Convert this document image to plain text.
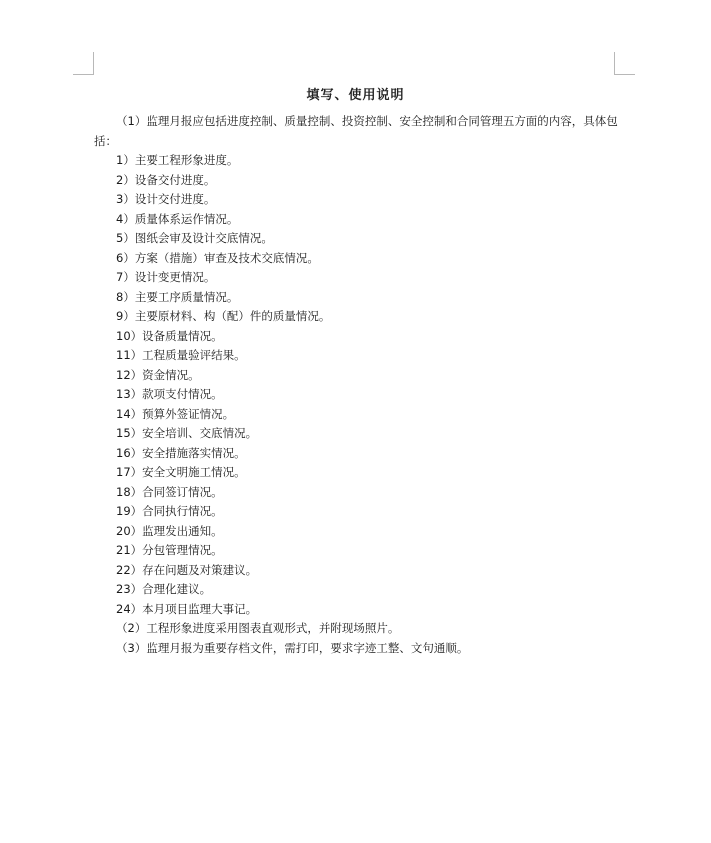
填写、使用说明

（1）监理月报应包括进度控制、质量控制、投资控制、安全控制和合同管理五方面的内容，具体包括：

1）主要工程形象进度。

2）设备交付进度。

3）设计交付进度。

4）质量体系运作情况。

5）图纸会审及设计交底情况。

6）方案（措施）审查及技术交底情况。

7）设计变更情况。

8）主要工序质量情况。

9）主要原材料、构（配）件的质量情况。

10）设备质量情况。

11）工程质量验评结果。

12）资金情况。

13）款项支付情况。

14）预算外签证情况。

15）安全培训、交底情况。

16）安全措施落实情况。

17）安全文明施工情况。

18）合同签订情况。

19）合同执行情况。

20）监理发出通知。

21）分包管理情况。

22）存在问题及对策建议。

23）合理化建议。

24）本月项目监理大事记。

（2）工程形象进度采用图表直观形式，并附现场照片。

（3）监理月报为重要存档文件，需打印，要求字迹工整、文句通顺。
